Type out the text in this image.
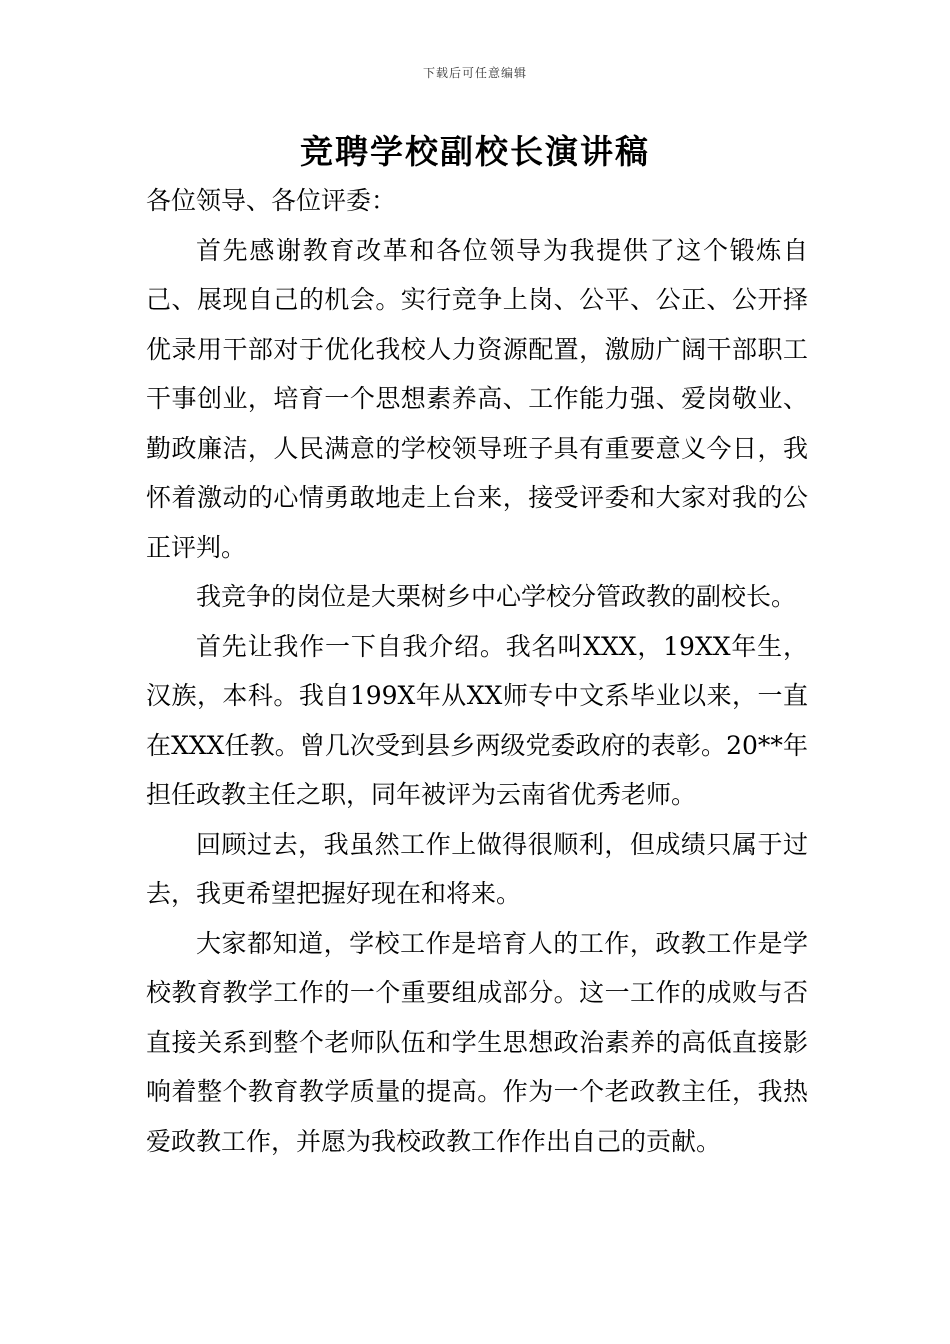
下载后可任意编辑
竞聘学校副校长演讲稿

各位领导、各位评委：

首先感谢教育改革和各位领导为我提供了这个锻炼自己、展现自己的机会。实行竞争上岗、公平、公正、公开择优录用干部对于优化我校人力资源配置，激励广阔干部职工干事创业，培育一个思想素养高、工作能力强、爱岗敬业、勤政廉洁，人民满意的学校领导班子具有重要意义今日，我怀着激动的心情勇敢地走上台来，接受评委和大家对我的公正评判。

我竞争的岗位是大栗树乡中心学校分管政教的副校长。

首先让我作一下自我介绍。我名叫XXX，19XX年生，汉族，本科。我自199X年从XX师专中文系毕业以来，一直在XXX任教。曾几次受到县乡两级党委政府的表彰。20**年担任政教主任之职，同年被评为云南省优秀老师。

回顾过去，我虽然工作上做得很顺利，但成绩只属于过去，我更希望把握好现在和将来。

大家都知道，学校工作是培育人的工作，政教工作是学校教育教学工作的一个重要组成部分。这一工作的成败与否直接关系到整个老师队伍和学生思想政治素养的高低直接影响着整个教育教学质量的提高。作为一个老政教主任，我热爱政教工作，并愿为我校政教工作作出自己的贡献。
